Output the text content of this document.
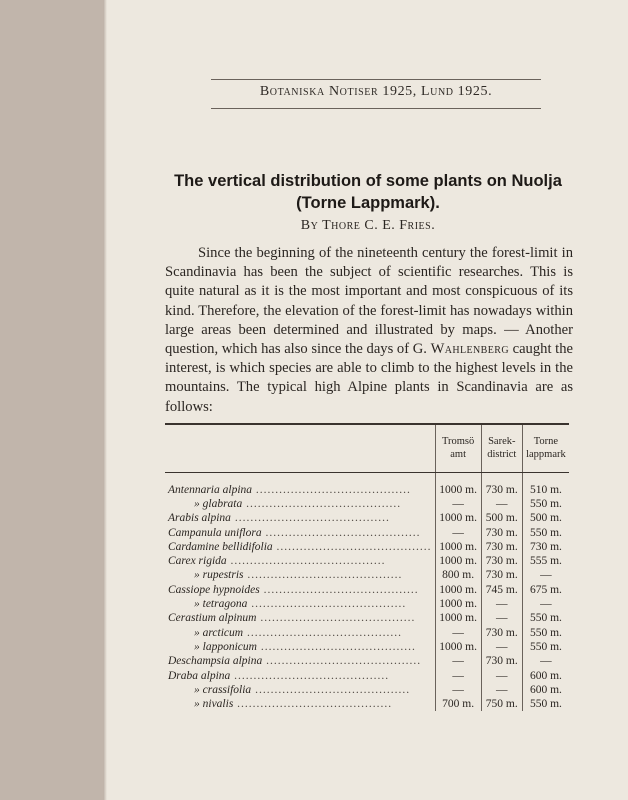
Botaniska Notiser 1925, Lund 1925.
The vertical distribution of some plants on Nuolja (Torne Lappmark).
By Thore C. E. Fries.

Since the beginning of the nineteenth century the forest-limit in Scandinavia has been the subject of scientific researches. This is quite natural as it is the most important and most conspicuous of its kind. Therefore, the elevation of the forest-limit has nowadays within large areas been determined and illustrated by maps. — Another question, which has also since the days of G. Wahlenberg caught the interest, is which species are able to climb to the highest levels in the mountains. The typical high Alpine plants in Scandinavia are as follows:

	Tromsö amt	Sarek-district	Torne lappmark

Antennaria alpina ........................................	1000 m.	730 m.	510 m.
» glabrata ........................................	—	—	550 m.
Arabis alpina ........................................	1000 m.	500 m.	500 m.
Campanula uniflora ........................................	—	730 m.	550 m.
Cardamine bellidifolia ........................................	1000 m.	730 m.	730 m.
Carex rigida ........................................	1000 m.	730 m.	555 m.
» rupestris ........................................	800 m.	730 m.	—
Cassiope hypnoides ........................................	1000 m.	745 m.	675 m.
» tetragona ........................................	1000 m.	—	—
Cerastium alpinum ........................................	1000 m.	—	550 m.
» arcticum ........................................	—	730 m.	550 m.
» lapponicum ........................................	1000 m.	—	550 m.
Deschampsia alpina ........................................	—	730 m.	—
Draba alpina ........................................	—	—	600 m.
» crassifolia ........................................	—	—	600 m.
» nivalis ........................................	700 m.	750 m.	550 m.
